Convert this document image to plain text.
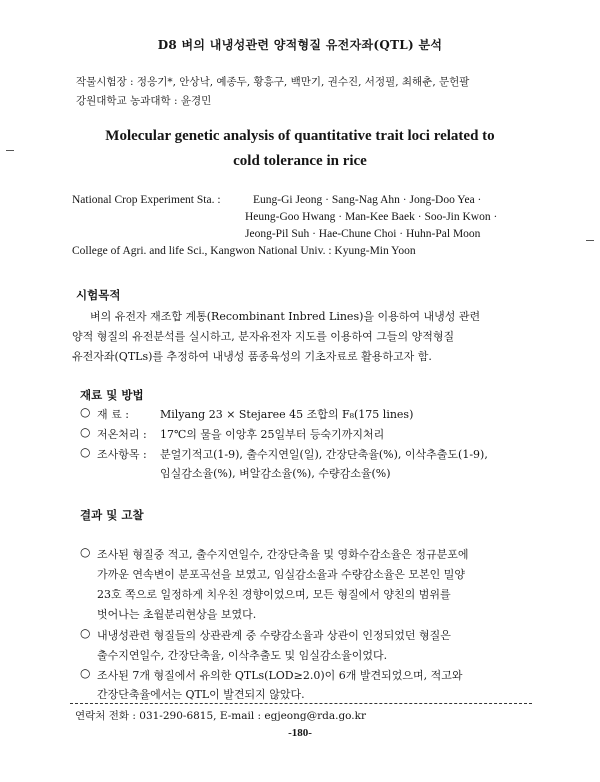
D8 벼의 내냉성관련 양적형질 유전자좌(QTL) 분석
작물시험장 : 정응기*, 안상낙, 예종두, 황흥구, 백만기, 권수진, 서정필, 최해춘, 문헌팔
강원대학교 농과대학 : 윤경민
Molecular genetic analysis of quantitative trait loci related to
cold tolerance in rice
National Crop Experiment Sta. :	Eung-Gi Jeong · Sang-Nag Ahn · Jong-Doo Yea ·
Heung-Goo Hwang · Man-Kee Baek · Soo-Jin Kwon ·
Jeong-Pil Suh · Hae-Chune Choi · Huhn-Pal Moon
College of Agri. and life Sci., Kangwon National Univ. : Kyung-Min Yoon
시험목적
벼의 유전자 재조합 계통(Recombinant Inbred Lines)을 이용하여 내냉성 관련
양적 형질의 유전분석를 실시하고, 분자유전자 지도를 이용하여 그들의 양적형질
유전자좌(QTLs)를 추정하여 내냉성 품종육성의 기초자료로 활용하고자 함.
재료 및 방법
○ 재 료 :	Milyang 23 × Stejaree 45 조합의 F₈(175 lines)
○ 저온처리 : 17℃의 물을 이앙후 25일부터 등숙기까지처리
○ 조사항목 : 분얼기적고(1-9), 출수지연일(일), 간장단축율(%), 이삭추출도(1-9),
임실감소율(%), 벼알감소율(%), 수량감소율(%)
결과 및 고찰
○ 조사된 형질중 적고, 출수지연일수, 간장단축율 및 영화수감소율은 정규분포에
가까운 연속변이 분포곡선을 보였고, 임실감소율과 수량감소율은 모본인 밀양
23호 쪽으로 일정하게 치우친 경향이었으며, 모든 형질에서 양친의 범위를
벗어나는 초월분리현상을 보였다.
○ 내냉성관련 형질들의 상관관계 중 수량감소율과 상관이 인정되었던 형질은
출수지연일수, 간장단축율, 이삭추출도 및 임실감소율이었다.
○ 조사된 7개 형질에서 유의한 QTLs(LOD≥2.0)이 6개 발견되었으며, 적고와
간장단축율에서는 QTL이 발견되지 않았다.
연락처 전화 : 031-290-6815, E-mail : egjeong@rda.go.kr
-180-
